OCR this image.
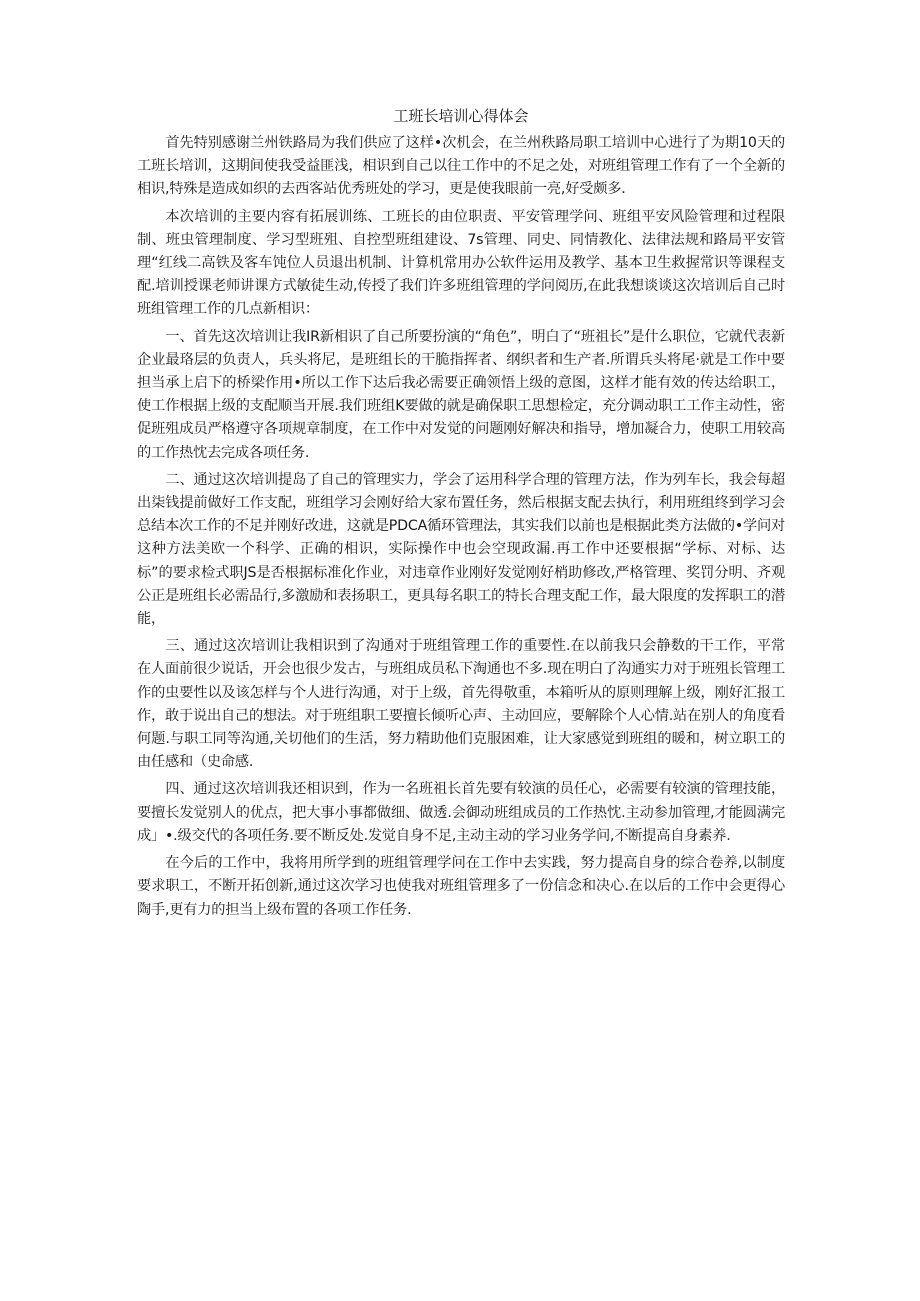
工班长培训心得体会
首先特别感谢兰州铁路局为我们供应了这样•次机会，在兰州秩路局职工培训中心进行了为期10天的工班长培训，这期间使我受益匪浅，相识到自己以往工作中的不足之处，对班组管理工作有了一个全新的相识,特殊是造成如织的去西客站优秀班处的学习，更是使我眼前一亮,好受颇多.
本次培训的主要内容有拓展训练、工班长的由位职责、平安管理学问、班组平安风险管理和过程限制、班虫管理制度、学习型班殂、自控型班组建设、7s管理、同史、同情教化、法律法规和路局平安管理“红线二高铁及客车饨位人员退出机制、计算机常用办公软件运用及教学、基本卫生救握常识等课程支配.培训授课老师讲课方式敏徒生动,传授了我们许多班组管理的学问阅历,在此我想谈谈这次培训后自己时班组管理工作的几点新相识：
一、首先这次培训让我IR新相识了自己所要扮演的“角色”，明白了“班祖长”是什么职位，它就代表新企业最珞层的负责人，兵头将尼，是班组长的干脆指挥者、纲织者和生产者.所谓兵头将尾·就是工作中要担当承上启下的桥梁作用•所以工作下达后我必需要正确领悟上级的意图，这样才能有效的传达给职工，使工作根据上级的支配顺当开展.我们班组K要做的就是确保职工思想检定，充分调动职工工作主动性，密促班殂成员严格遵守各项规章制度，在工作中对发觉的问题刚好解决和指导，增加凝合力，使职工用较高的工作热忱去完成各项任务.
二、通过这次培训提岛了自己的管理实力，学会了运用科学合理的管理方法，作为列车长，我会每超出柒钱提前做好工作支配，班组学习会刚好给大家布置任务，然后根据支配去执行，利用班组终到学习会总结本次工作的不足并刚好改进，这就是PDCA循环管理法，其实我们以前也是根据此类方法做的•学问对这种方法美欧一个科学、正确的相识，实际操作中也会空现政漏.再工作中还要根据“学标、对标、达标”的要求检式职JS是否根据标准化作业，对违章作业刚好发觉刚好梢助修改,严格管理、奖罚分明、齐观公正是班组长必需品行,多激励和表扬职工，更具每名职工的特长合理支配工作，最大限度的发挥职工的潜能，
三、通过这次培训让我相识到了沟通对于班组管理工作的重要性.在以前我只会静数的干工作，平常在人面前很少说话，开会也很少发古，与班组成员私下淘通也不多.现在明白了沟通实力对于班殂长管理工作的虫要性以及该怎样与个人进行沟通，对于上级，首先得敬重，本箱听从的原则理解上级，刚好汇报工作，敢于说出自己的想法。对于班组职工要擅长倾听心声、主动回应，要解除个人心情.站在别人的角度看何题.与职工同等沟通,关切他们的生活，努力精助他们克服困难，让大家感觉到班组的暖和，树立职工的由任感和（史命感.
四、通过这次培训我还相识到，作为一名班祖长首先要有较演的员任心，必需要有较演的管理技能，要擅长发觉别人的优点，把大事小事都做细、做透.会御动班组成员的工作热忱.主动参加管理,才能圆满完成」•.级交代的各项任务.要不断反处.发觉自身不足,主动主动的学习业务学问,不断提高自身素养.
在今后的工作中，我将用所学到的班组管理学问在工作中去实践，努力提高自身的综合卷养,以制度要求职工，不断开拓创新,通过这次学习也使我对班组管理多了一份信念和决心.在以后的工作中会更得心陶手,更有力的担当上级布置的各项工作任务.
